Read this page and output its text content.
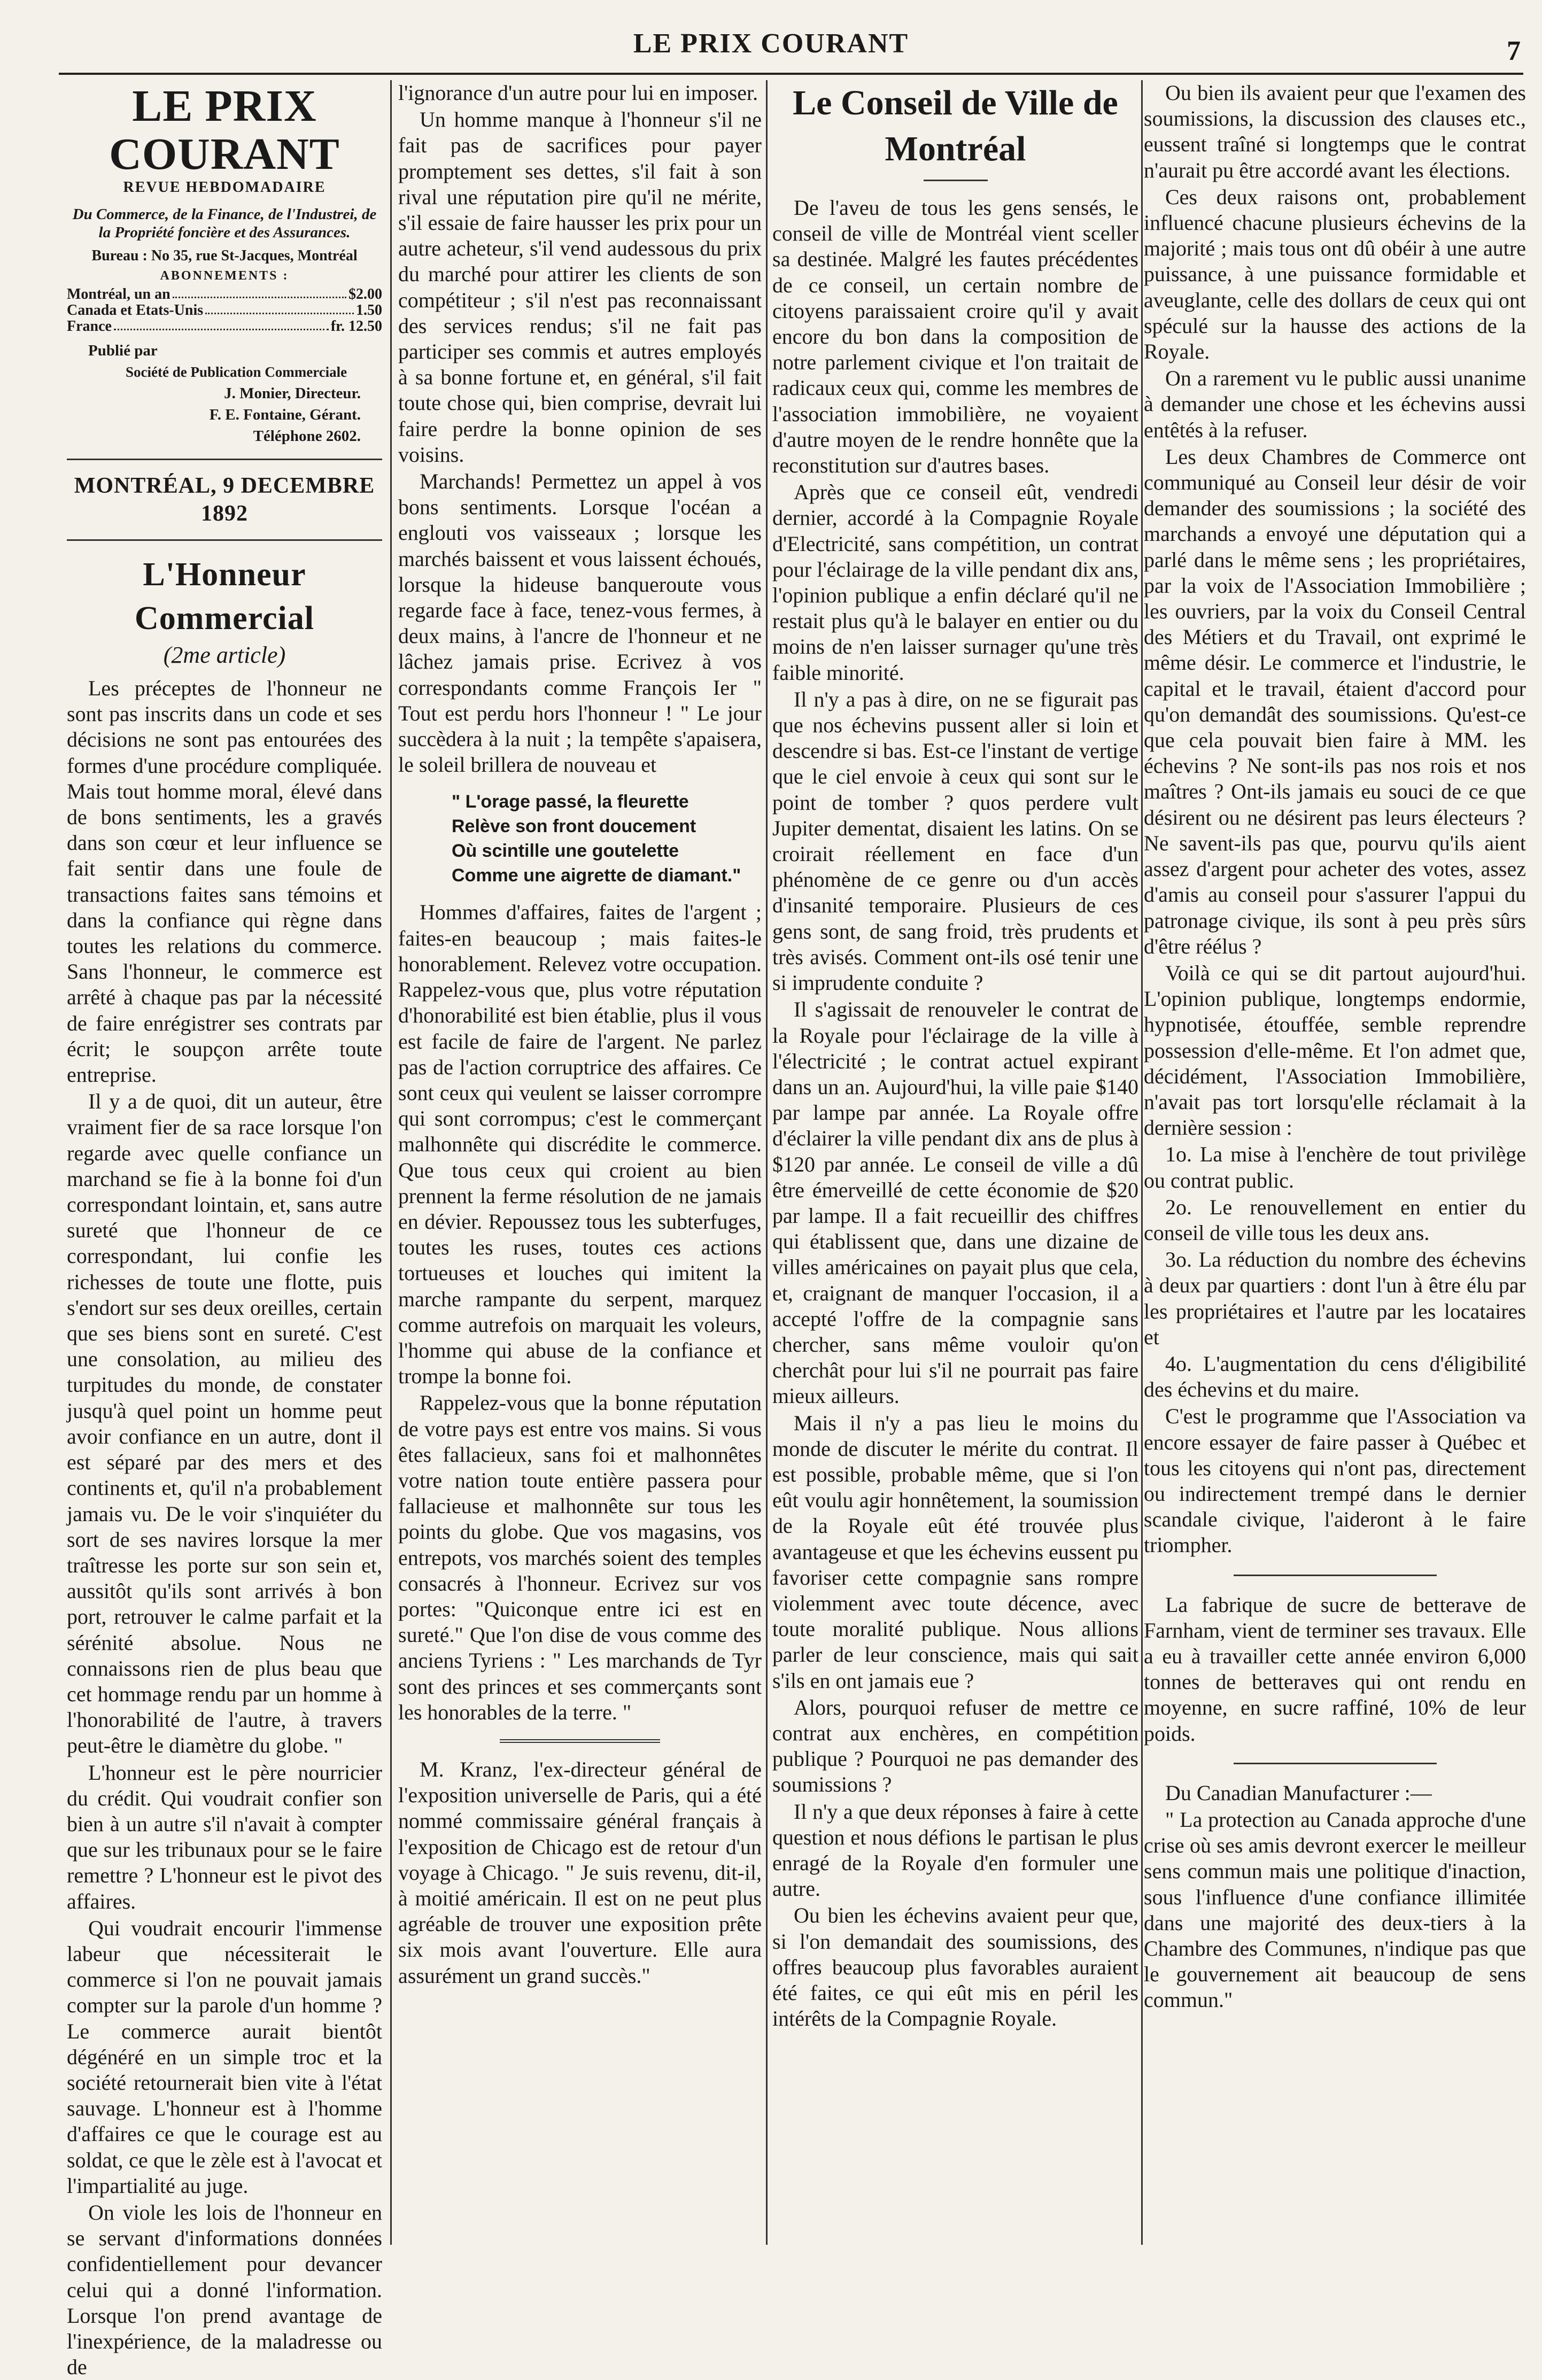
LE PRIX COURANT	7
LE PRIX COURANT
REVUE HEBDOMADAIRE
Du Commerce, de la Finance, de l'Industrei, de la Propriété foncière et des Assurances.
Bureau : No 35, rue St-Jacques, Montréal
ABONNEMENTS :
Montréal, un an	$2.00
Canada et Etats-Unis	1.50
France	fr. 12.50
Publié par
Société de Publication Commerciale
J. Monier, Directeur.
F. E. Fontaine, Gérant.
Téléphone 2602.
MONTRÉAL, 9 DECEMBRE 1892
L'Honneur Commercial
(2me article)

Les préceptes de l'honneur ne sont pas inscrits dans un code et ses décisions ne sont pas entourées des formes d'une procédure compliquée. Mais tout homme moral, élevé dans de bons sentiments, les a gravés dans son cœur et leur influence se fait sentir dans une foule de transactions faites sans témoins et dans la confiance qui règne dans toutes les relations du commerce. Sans l'honneur, le commerce est arrêté à chaque pas par la nécessité de faire enrégistrer ses contrats par écrit; le soupçon arrête toute entreprise.

Il y a de quoi, dit un auteur, être vraiment fier de sa race lorsque l'on regarde avec quelle confiance un marchand se fie à la bonne foi d'un correspondant lointain, et, sans autre sureté que l'honneur de ce correspondant, lui confie les richesses de toute une flotte, puis s'endort sur ses deux oreilles, certain que ses biens sont en sureté. C'est une consolation, au milieu des turpitudes du monde, de constater jusqu'à quel point un homme peut avoir confiance en un autre, dont il est séparé par des mers et des continents et, qu'il n'a probablement jamais vu. De le voir s'inquiéter du sort de ses navires lorsque la mer traîtresse les porte sur son sein et, aussitôt qu'ils sont arrivés à bon port, retrouver le calme parfait et la sérénité absolue. Nous ne connaissons rien de plus beau que cet hommage rendu par un homme à l'honorabilité de l'autre, à travers peut-être le diamètre du globe. "

L'honneur est le père nourricier du crédit. Qui voudrait confier son bien à un autre s'il n'avait à compter que sur les tribunaux pour se le faire remettre ? L'honneur est le pivot des affaires.

Qui voudrait encourir l'immense labeur que nécessiterait le commerce si l'on ne pouvait jamais compter sur la parole d'un homme ? Le commerce aurait bientôt dégénéré en un simple troc et la société retournerait bien vite à l'état sauvage. L'honneur est à l'homme d'affaires ce que le courage est au soldat, ce que le zèle est à l'avocat et l'impartialité au juge.

On viole les lois de l'honneur en se servant d'informations données confidentiellement pour devancer celui qui a donné l'information. Lorsque l'on prend avantage de l'inexpérience, de la maladresse ou de

l'ignorance d'un autre pour lui en imposer.

Un homme manque à l'honneur s'il ne fait pas de sacrifices pour payer promptement ses dettes, s'il fait à son rival une réputation pire qu'il ne mérite, s'il essaie de faire hausser les prix pour un autre acheteur, s'il vend audessous du prix du marché pour attirer les clients de son compétiteur ; s'il n'est pas reconnaissant des services rendus; s'il ne fait pas participer ses commis et autres employés à sa bonne fortune et, en général, s'il fait toute chose qui, bien comprise, devrait lui faire perdre la bonne opinion de ses voisins.

Marchands! Permettez un appel à vos bons sentiments. Lorsque l'océan a englouti vos vaisseaux ; lorsque les marchés baissent et vous laissent échoués, lorsque la hideuse banqueroute vous regarde face à face, tenez-vous fermes, à deux mains, à l'ancre de l'honneur et ne lâchez jamais prise. Ecrivez à vos correspondants comme François Ier " Tout est perdu hors l'honneur ! " Le jour succèdera à la nuit ; la tempête s'apaisera, le soleil brillera de nouveau et

" L'orage passé, la fleurette
Relève son front doucement
Où scintille une goutelette
Comme une aigrette de diamant."

Hommes d'affaires, faites de l'argent ; faites-en beaucoup ; mais faites-le honorablement. Relevez votre occupation. Rappelez-vous que, plus votre réputation d'honorabilité est bien établie, plus il vous est facile de faire de l'argent. Ne parlez pas de l'action corruptrice des affaires. Ce sont ceux qui veulent se laisser corrompre qui sont corrompus; c'est le commerçant malhonnête qui discrédite le commerce. Que tous ceux qui croient au bien prennent la ferme résolution de ne jamais en dévier. Repoussez tous les subterfuges, toutes les ruses, toutes ces actions tortueuses et louches qui imitent la marche rampante du serpent, marquez comme autrefois on marquait les voleurs, l'homme qui abuse de la confiance et trompe la bonne foi.

Rappelez-vous que la bonne réputation de votre pays est entre vos mains. Si vous êtes fallacieux, sans foi et malhonnêtes votre nation toute entière passera pour fallacieuse et malhonnête sur tous les points du globe. Que vos magasins, vos entrepots, vos marchés soient des temples consacrés à l'honneur. Ecrivez sur vos portes: "Quiconque entre ici est en sureté." Que l'on dise de vous comme des anciens Tyriens : " Les marchands de Tyr sont des princes et ses commerçants sont les honorables de la terre. "

M. Kranz, l'ex-directeur général de l'exposition universelle de Paris, qui a été nommé commissaire général français à l'exposition de Chicago est de retour d'un voyage à Chicago. " Je suis revenu, dit-il, à moitié américain. Il est on ne peut plus agréable de trouver une exposition prête six mois avant l'ouverture. Elle aura assurément un grand succès."

Le Conseil de Ville de Montréal

De l'aveu de tous les gens sensés, le conseil de ville de Montréal vient sceller sa destinée. Malgré les fautes précédentes de ce conseil, un certain nombre de citoyens paraissaient croire qu'il y avait encore du bon dans la composition de notre parlement civique et l'on traitait de radicaux ceux qui, comme les membres de l'association immobilière, ne voyaient d'autre moyen de le rendre honnête que la reconstitution sur d'autres bases.

Après que ce conseil eût, vendredi dernier, accordé à la Compagnie Royale d'Electricité, sans compétition, un contrat pour l'éclairage de la ville pendant dix ans, l'opinion publique a enfin déclaré qu'il ne restait plus qu'à le balayer en entier ou du moins de n'en laisser surnager qu'une très faible minorité.

Il n'y a pas à dire, on ne se figurait pas que nos échevins pussent aller si loin et descendre si bas. Est-ce l'instant de vertige que le ciel envoie à ceux qui sont sur le point de tomber ? quos perdere vult Jupiter dementat, disaient les latins. On se croirait réellement en face d'un phénomène de ce genre ou d'un accès d'insanité temporaire. Plusieurs de ces gens sont, de sang froid, très prudents et très avisés. Comment ont-ils osé tenir une si imprudente conduite ?

Il s'agissait de renouveler le contrat de la Royale pour l'éclairage de la ville à l'électricité ; le contrat actuel expirant dans un an. Aujourd'hui, la ville paie $140 par lampe par année. La Royale offre d'éclairer la ville pendant dix ans de plus à $120 par année. Le conseil de ville a dû être émerveillé de cette économie de $20 par lampe. Il a fait recueillir des chiffres qui établissent que, dans une dizaine de villes américaines on payait plus que cela, et, craignant de manquer l'occasion, il a accepté l'offre de la compagnie sans chercher, sans même vouloir qu'on cherchât pour lui s'il ne pourrait pas faire mieux ailleurs.

Mais il n'y a pas lieu le moins du monde de discuter le mérite du contrat. Il est possible, probable même, que si l'on eût voulu agir honnêtement, la soumission de la Royale eût été trouvée plus avantageuse et que les échevins eussent pu favoriser cette compagnie sans rompre violemment avec toute décence, avec toute moralité publique. Nous allions parler de leur conscience, mais qui sait s'ils en ont jamais eue ?

Alors, pourquoi refuser de mettre ce contrat aux enchères, en compétition publique ? Pourquoi ne pas demander des soumissions ?

Il n'y a que deux réponses à faire à cette question et nous défions le partisan le plus enragé de la Royale d'en formuler une autre.

Ou bien les échevins avaient peur que, si l'on demandait des soumissions, des offres beaucoup plus favorables auraient été faites, ce qui eût mis en péril les intérêts de la Compagnie Royale.

Ou bien ils avaient peur que l'examen des soumissions, la discussion des clauses etc., eussent traîné si longtemps que le contrat n'aurait pu être accordé avant les élections.

Ces deux raisons ont, probablement influencé chacune plusieurs échevins de la majorité ; mais tous ont dû obéir à une autre puissance, à une puissance formidable et aveuglante, celle des dollars de ceux qui ont spéculé sur la hausse des actions de la Royale.

On a rarement vu le public aussi unanime à demander une chose et les échevins aussi entêtés à la refuser.

Les deux Chambres de Commerce ont communiqué au Conseil leur désir de voir demander des soumissions ; la société des marchands a envoyé une députation qui a parlé dans le même sens ; les propriétaires, par la voix de l'Association Immobilière ; les ouvriers, par la voix du Conseil Central des Métiers et du Travail, ont exprimé le même désir. Le commerce et l'industrie, le capital et le travail, étaient d'accord pour qu'on demandât des soumissions. Qu'est-ce que cela pouvait bien faire à MM. les échevins ? Ne sont-ils pas nos rois et nos maîtres ? Ont-ils jamais eu souci de ce que désirent ou ne désirent pas leurs électeurs ? Ne savent-ils pas que, pourvu qu'ils aient assez d'argent pour acheter des votes, assez d'amis au conseil pour s'assurer l'appui du patronage civique, ils sont à peu près sûrs d'être réélus ?

Voilà ce qui se dit partout aujourd'hui. L'opinion publique, longtemps endormie, hypnotisée, étouffée, semble reprendre possession d'elle-même. Et l'on admet que, décidément, l'Association Immobilière, n'avait pas tort lorsqu'elle réclamait à la dernière session :

1o. La mise à l'enchère de tout privilège ou contrat public.

2o. Le renouvellement en entier du conseil de ville tous les deux ans.

3o. La réduction du nombre des échevins à deux par quartiers : dont l'un à être élu par les propriétaires et l'autre par les locataires et

4o. L'augmentation du cens d'éligibilité des échevins et du maire.

C'est le programme que l'Association va encore essayer de faire passer à Québec et tous les citoyens qui n'ont pas, directement ou indirectement trempé dans le dernier scandale civique, l'aideront à le faire triompher.

La fabrique de sucre de betterave de Farnham, vient de terminer ses travaux. Elle a eu à travailler cette année environ 6,000 tonnes de betteraves qui ont rendu en moyenne, en sucre raffiné, 10% de leur poids.

Du Canadian Manufacturer :—

" La protection au Canada approche d'une crise où ses amis devront exercer le meilleur sens commun mais une politique d'inaction, sous l'influence d'une confiance illimitée dans une majorité des deux-tiers à la Chambre des Communes, n'indique pas que le gouvernement ait beaucoup de sens commun."
